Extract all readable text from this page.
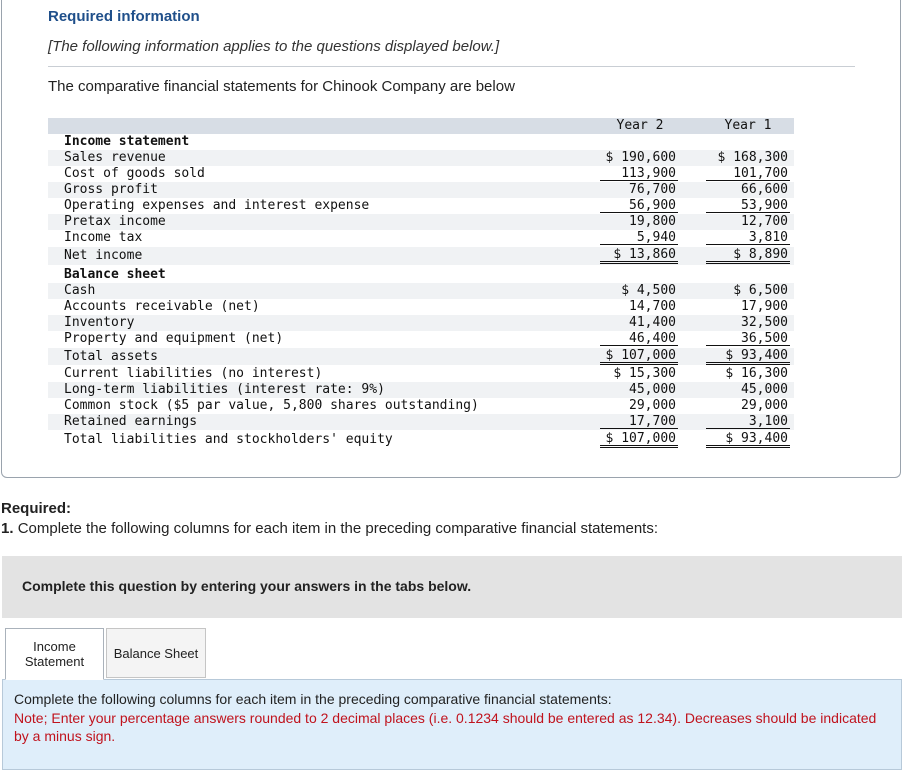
Required information
[The following information applies to the questions displayed below.]
The comparative financial statements for Chinook Company are below
Year 2	Year 1
Income statement
Sales revenue	$ 190,600	$ 168,300
Cost of goods sold	113,900	101,700
Gross profit	76,700	66,600
Operating expenses and interest expense	56,900	53,900
Pretax income	19,800	12,700
Income tax	5,940	3,810
Net income	$ 13,860	$ 8,890
Balance sheet
Cash	$ 4,500	$ 6,500
Accounts receivable (net)	14,700	17,900
Inventory	41,400	32,500
Property and equipment (net)	46,400	36,500
Total assets	$ 107,000	$ 93,400
Current liabilities (no interest)	$ 15,300	$ 16,300
Long-term liabilities (interest rate: 9%)	45,000	45,000
Common stock ($5 par value, 5,800 shares outstanding)	29,000	29,000
Retained earnings	17,700	3,100
Total liabilities and stockholders' equity	$ 107,000	$ 93,400
Required:
1. Complete the following columns for each item in the preceding comparative financial statements:
Complete this question by entering your answers in the tabs below.
Income
Statement
Balance Sheet
Complete the following columns for each item in the preceding comparative financial statements:
Note; Enter your percentage answers rounded to 2 decimal places (i.e. 0.1234 should be entered as 12.34). Decreases should be indicated by a minus sign.
